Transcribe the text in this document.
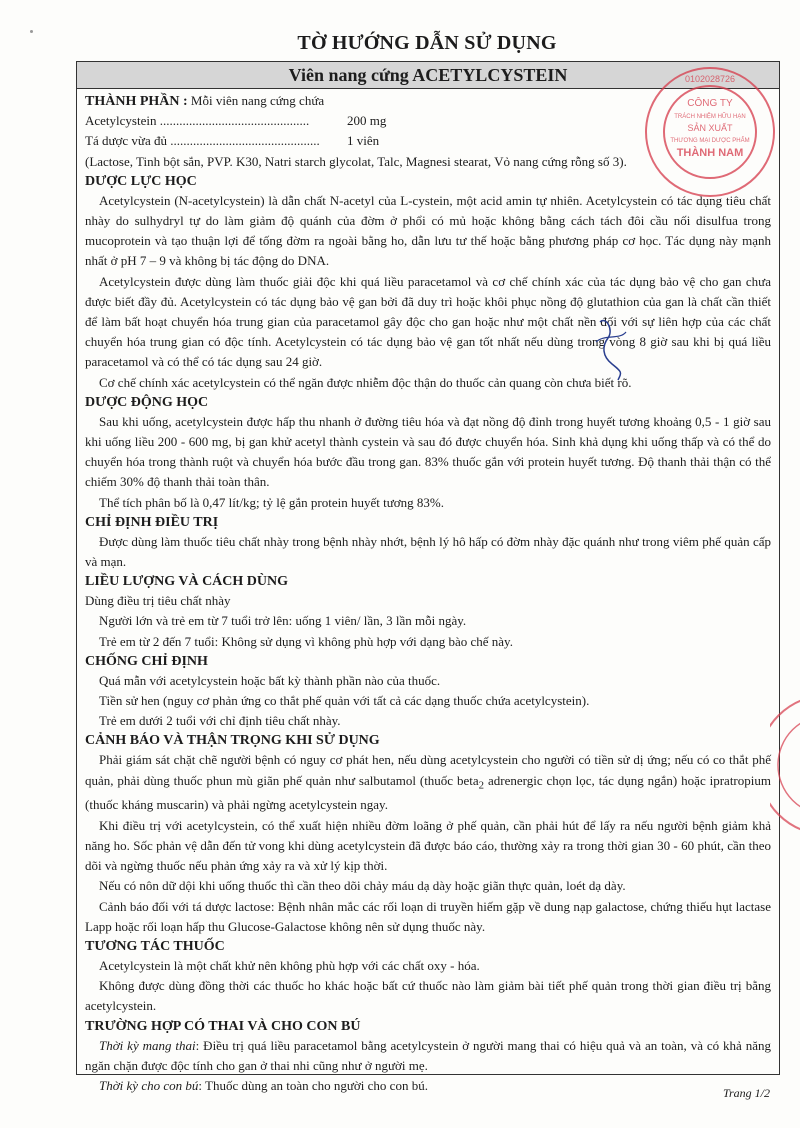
TỜ HƯỚNG DẪN SỬ DỤNG
Viên nang cứng ACETYLCYSTEIN
THÀNH PHẦN : Mỗi viên nang cứng chứa
Acetylcystein ..............................................	200 mg
Tá dược vừa đủ ..............................................	1 viên
(Lactose, Tinh bột sắn, PVP. K30, Natri starch glycolat, Talc, Magnesi stearat, Vỏ nang cứng rỗng số 3).
DƯỢC LỰC HỌC
Acetylcystein (N-acetylcystein) là dẫn chất N-acetyl của L-cystein, một acid amin tự nhiên. Acetylcystein có tác dụng tiêu chất nhày do sulhydryl tự do làm giảm độ quánh của đờm ở phổi có mủ hoặc không bằng cách tách đôi cầu nối disulfua trong mucoprotein và tạo thuận lợi để tống đờm ra ngoài bằng ho, dẫn lưu tư thế hoặc bằng phương pháp cơ học. Tác dụng này mạnh nhất ở pH 7 – 9 và không bị tác động do DNA.
Acetylcystein được dùng làm thuốc giải độc khi quá liều paracetamol và cơ chế chính xác của tác dụng bảo vệ cho gan chưa được biết đầy đủ. Acetylcystein có tác dụng bảo vệ gan bởi đã duy trì hoặc khôi phục nồng độ glutathion của gan là chất cần thiết để làm bất hoạt chuyển hóa trung gian của paracetamol gây độc cho gan hoặc như một chất nền đối với sự liên hợp của các chất chuyển hóa trung gian có độc tính. Acetylcystein có tác dụng bảo vệ gan tốt nhất nếu dùng trong vòng 8 giờ sau khi bị quá liều paracetamol và có thể có tác dụng sau 24 giờ.
Cơ chế chính xác acetylcystein có thể ngăn được nhiễm độc thận do thuốc cản quang còn chưa biết rõ.
DƯỢC ĐỘNG HỌC
Sau khi uống, acetylcystein được hấp thu nhanh ở đường tiêu hóa và đạt nồng độ đỉnh trong huyết tương khoảng 0,5 - 1 giờ sau khi uống liều 200 - 600 mg, bị gan khử acetyl thành cystein và sau đó được chuyển hóa. Sinh khả dụng khi uống thấp và có thể do chuyển hóa trong thành ruột và chuyển hóa bước đầu trong gan. 83% thuốc gắn với protein huyết tương. Độ thanh thải thận có thể chiếm 30% độ thanh thải toàn thân.
Thể tích phân bố là 0,47 lít/kg; tỷ lệ gắn protein huyết tương 83%.
CHỈ ĐỊNH ĐIỀU TRỊ
Được dùng làm thuốc tiêu chất nhày trong bệnh nhày nhớt, bệnh lý hô hấp có đờm nhày đặc quánh như trong viêm phế quản cấp và mạn.
LIỀU LƯỢNG VÀ CÁCH DÙNG
Dùng điều trị tiêu chất nhày
Người lớn và trẻ em từ 7 tuổi trở lên: uống 1 viên/ lần, 3 lần mỗi ngày.
Trẻ em từ 2 đến 7 tuổi: Không sử dụng vì không phù hợp với dạng bào chế này.
CHỐNG CHỈ ĐỊNH
Quá mẫn với acetylcystein hoặc bất kỳ thành phần nào của thuốc.
Tiền sử hen (nguy cơ phản ứng co thắt phế quản với tất cả các dạng thuốc chứa acetylcystein).
Trẻ em dưới 2 tuổi với chỉ định tiêu chất nhày.
CẢNH BÁO VÀ THẬN TRỌNG KHI SỬ DỤNG
Phải giám sát chặt chẽ người bệnh có nguy cơ phát hen, nếu dùng acetylcystein cho người có tiền sử dị ứng; nếu có co thắt phế quản, phải dùng thuốc phun mù giãn phế quản như salbutamol (thuốc beta$_2$ adrenergic chọn lọc, tác dụng ngắn) hoặc ipratropium (thuốc kháng muscarin) và phải ngừng acetylcystein ngay.
Khi điều trị với acetylcystein, có thể xuất hiện nhiều đờm loãng ở phế quản, cần phải hút để lấy ra nếu người bệnh giảm khả năng ho. Sốc phản vệ dẫn đến tử vong khi dùng acetylcystein đã được báo cáo, thường xảy ra trong thời gian 30 - 60 phút, cần theo dõi và ngừng thuốc nếu phản ứng xảy ra và xử lý kịp thời.
Nếu có nôn dữ dội khi uống thuốc thì cần theo dõi chảy máu dạ dày hoặc giãn thực quản, loét dạ dày.
Cảnh báo đối với tá dược lactose: Bệnh nhân mắc các rối loạn di truyền hiếm gặp về dung nạp galactose, chứng thiếu hụt lactase Lapp hoặc rối loạn hấp thu Glucose-Galactose không nên sử dụng thuốc này.
TƯƠNG TÁC THUỐC
Acetylcystein là một chất khử nên không phù hợp với các chất oxy - hóa.
Không được dùng đồng thời các thuốc ho khác hoặc bất cứ thuốc nào làm giảm bài tiết phế quản trong thời gian điều trị bằng acetylcystein.
TRƯỜNG HỢP CÓ THAI VÀ CHO CON BÚ
Thời kỳ mang thai: Điều trị quá liều paracetamol bằng acetylcystein ở người mang thai có hiệu quả và an toàn, và có khả năng ngăn chặn được độc tính cho gan ở thai nhi cũng như ở người mẹ.
Thời kỳ cho con bú: Thuốc dùng an toàn cho người cho con bú.
0102028726
CÔNG TY
TRÁCH NHIỆM HỮU HẠN
SẢN XUẤT
THƯƠNG MẠI DƯỢC PHẨM
THÀNH NAM
Trang 1/2
